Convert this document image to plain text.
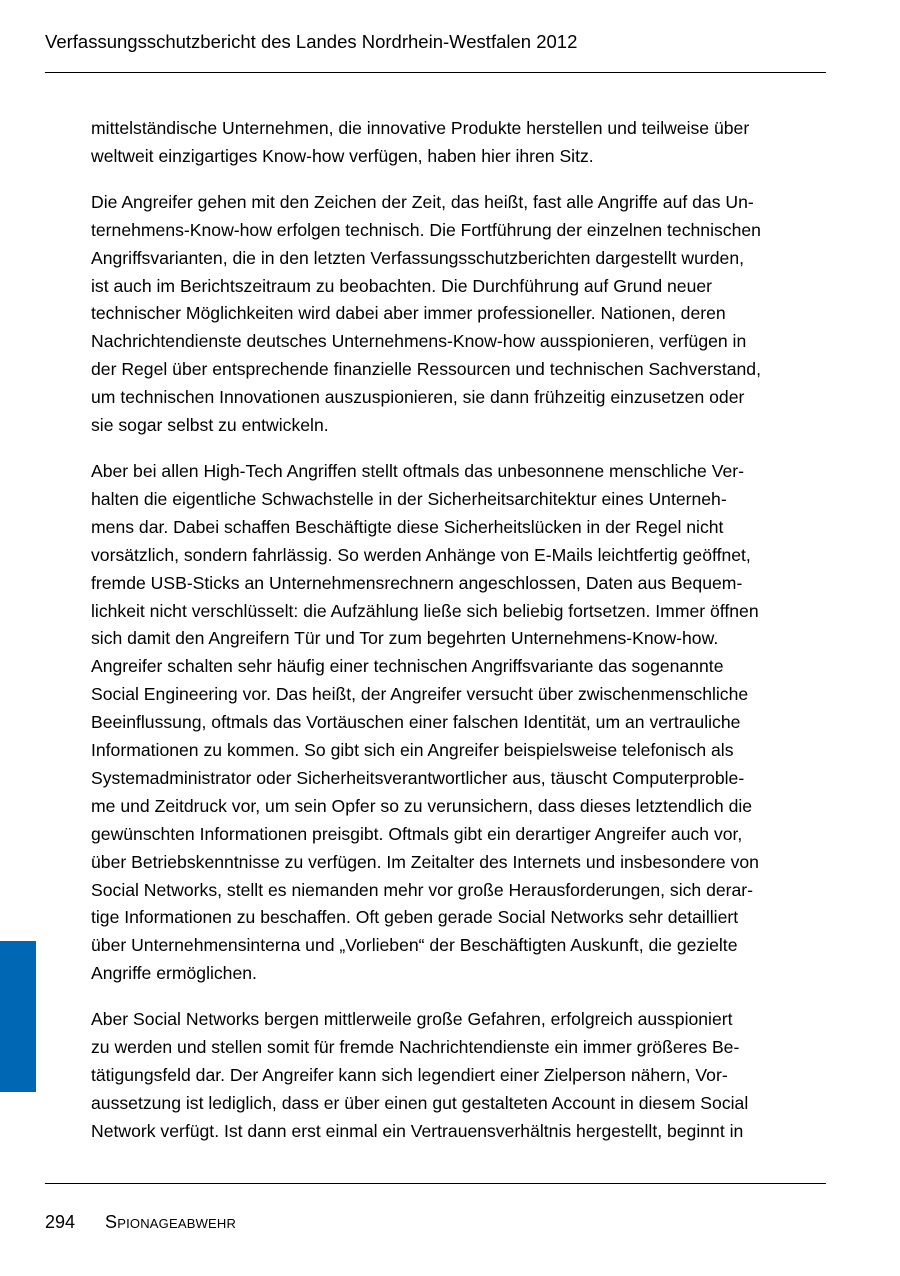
Verfassungsschutzbericht des Landes Nordrhein-Westfalen 2012

mittelständische Unternehmen, die innovative Produkte herstellen und teilweise über
weltweit einzigartiges Know-how verfügen, haben hier ihren Sitz.

Die Angreifer gehen mit den Zeichen der Zeit, das heißt, fast alle Angriffe auf das Un-
ternehmens-Know-how erfolgen technisch. Die Fortführung der einzelnen technischen
Angriffsvarianten, die in den letzten Verfassungsschutzberichten dargestellt wurden,
ist auch im Berichtszeitraum zu beobachten. Die Durchführung auf Grund neuer
technischer Möglichkeiten wird dabei aber immer professioneller. Nationen, deren
Nachrichtendienste deutsches Unternehmens-Know-how ausspionieren, verfügen in
der Regel über entsprechende finanzielle Ressourcen und technischen Sachverstand,
um technischen Innovationen auszuspionieren, sie dann frühzeitig einzusetzen oder
sie sogar selbst zu entwickeln.

Aber bei allen High-Tech Angriffen stellt oftmals das unbesonnene menschliche Ver-
halten die eigentliche Schwachstelle in der Sicherheitsarchitektur eines Unterneh-
mens dar. Dabei schaffen Beschäftigte diese Sicherheitslücken in der Regel nicht
vorsätzlich, sondern fahrlässig. So werden Anhänge von E-Mails leichtfertig geöffnet,
fremde USB-Sticks an Unternehmensrechnern angeschlossen, Daten aus Bequem-
lichkeit nicht verschlüsselt: die Aufzählung ließe sich beliebig fortsetzen. Immer öffnen
sich damit den Angreifern Tür und Tor zum begehrten Unternehmens-Know-how.
Angreifer schalten sehr häufig einer technischen Angriffsvariante das sogenannte
Social Engineering vor. Das heißt, der Angreifer versucht über zwischenmenschliche
Beeinflussung, oftmals das Vortäuschen einer falschen Identität, um an vertrauliche
Informationen zu kommen. So gibt sich ein Angreifer beispielsweise telefonisch als
Systemadministrator oder Sicherheitsverantwortlicher aus, täuscht Computerproble-
me und Zeitdruck vor, um sein Opfer so zu verunsichern, dass dieses letztendlich die
gewünschten Informationen preisgibt. Oftmals gibt ein derartiger Angreifer auch vor,
über Betriebskenntnisse zu verfügen. Im Zeitalter des Internets und insbesondere von
Social Networks, stellt es niemanden mehr vor große Herausforderungen, sich derar-
tige Informationen zu beschaffen. Oft geben gerade Social Networks sehr detailliert
über Unternehmensinterna und „Vorlieben“ der Beschäftigten Auskunft, die gezielte
Angriffe ermöglichen.

Aber Social Networks bergen mittlerweile große Gefahren, erfolgreich ausspioniert
zu werden und stellen somit für fremde Nachrichtendienste ein immer größeres Be-
tätigungsfeld dar. Der Angreifer kann sich legendiert einer Zielperson nähern, Vor-
aussetzung ist lediglich, dass er über einen gut gestalteten Account in diesem Social
Network verfügt. Ist dann erst einmal ein Vertrauensverhältnis hergestellt, beginnt in

294 Spionageabwehr
